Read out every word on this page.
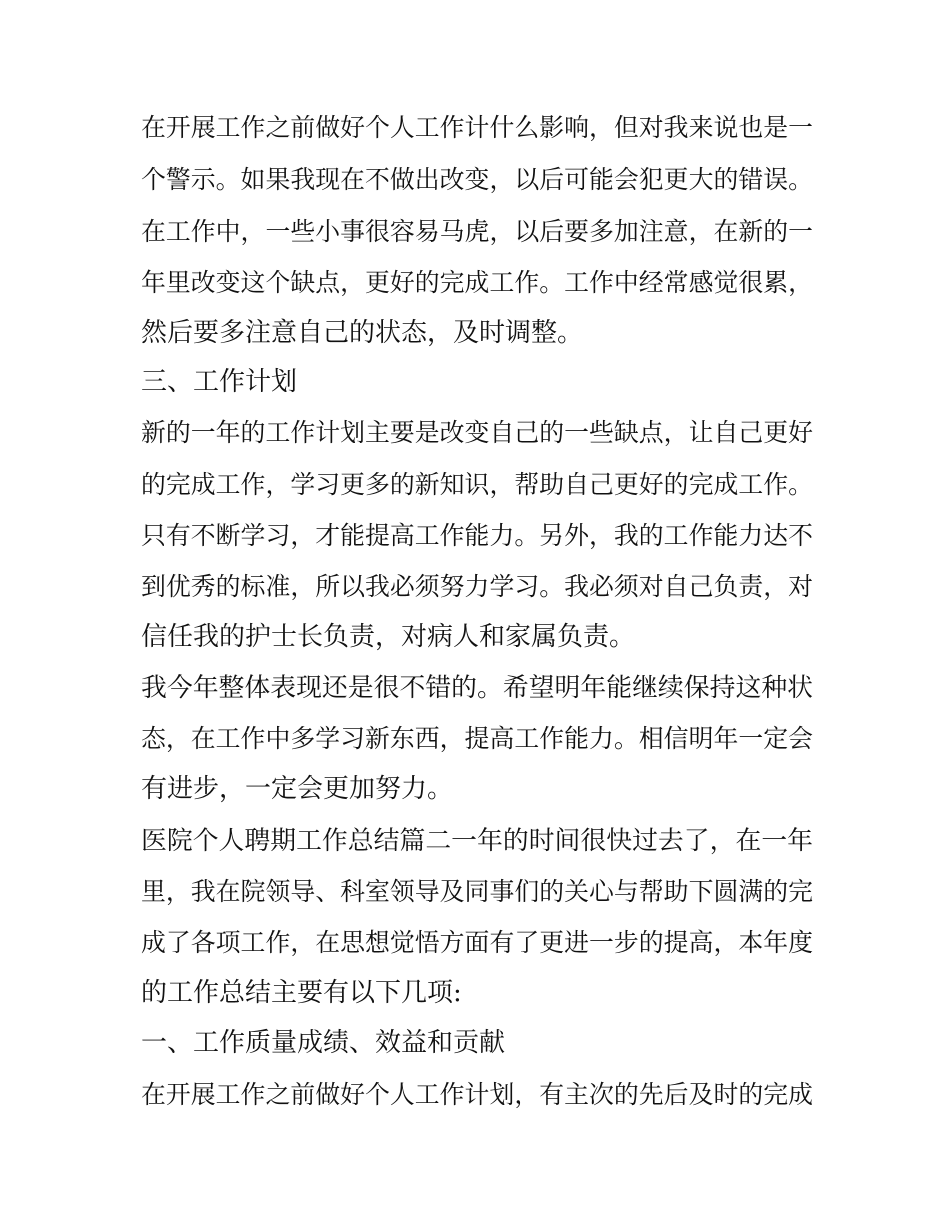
在开展工作之前做好个人工作计什么影响，但对我来说也是一

个警示。如果我现在不做出改变，以后可能会犯更大的错误。

在工作中，一些小事很容易马虎，以后要多加注意，在新的一

年里改变这个缺点，更好的完成工作。工作中经常感觉很累，

然后要多注意自己的状态，及时调整。

三、工作计划

新的一年的工作计划主要是改变自己的一些缺点，让自己更好

的完成工作，学习更多的新知识，帮助自己更好的完成工作。

只有不断学习，才能提高工作能力。另外，我的工作能力达不

到优秀的标准，所以我必须努力学习。我必须对自己负责，对

信任我的护士长负责，对病人和家属负责。

我今年整体表现还是很不错的。希望明年能继续保持这种状

态，在工作中多学习新东西，提高工作能力。相信明年一定会

有进步，一定会更加努力。

医院个人聘期工作总结篇二一年的时间很快过去了，在一年

里，我在院领导、科室领导及同事们的关心与帮助下圆满的完

成了各项工作，在思想觉悟方面有了更进一步的提高，本年度

的工作总结主要有以下几项:

一、工作质量成绩、效益和贡献

在开展工作之前做好个人工作计划，有主次的先后及时的完成
